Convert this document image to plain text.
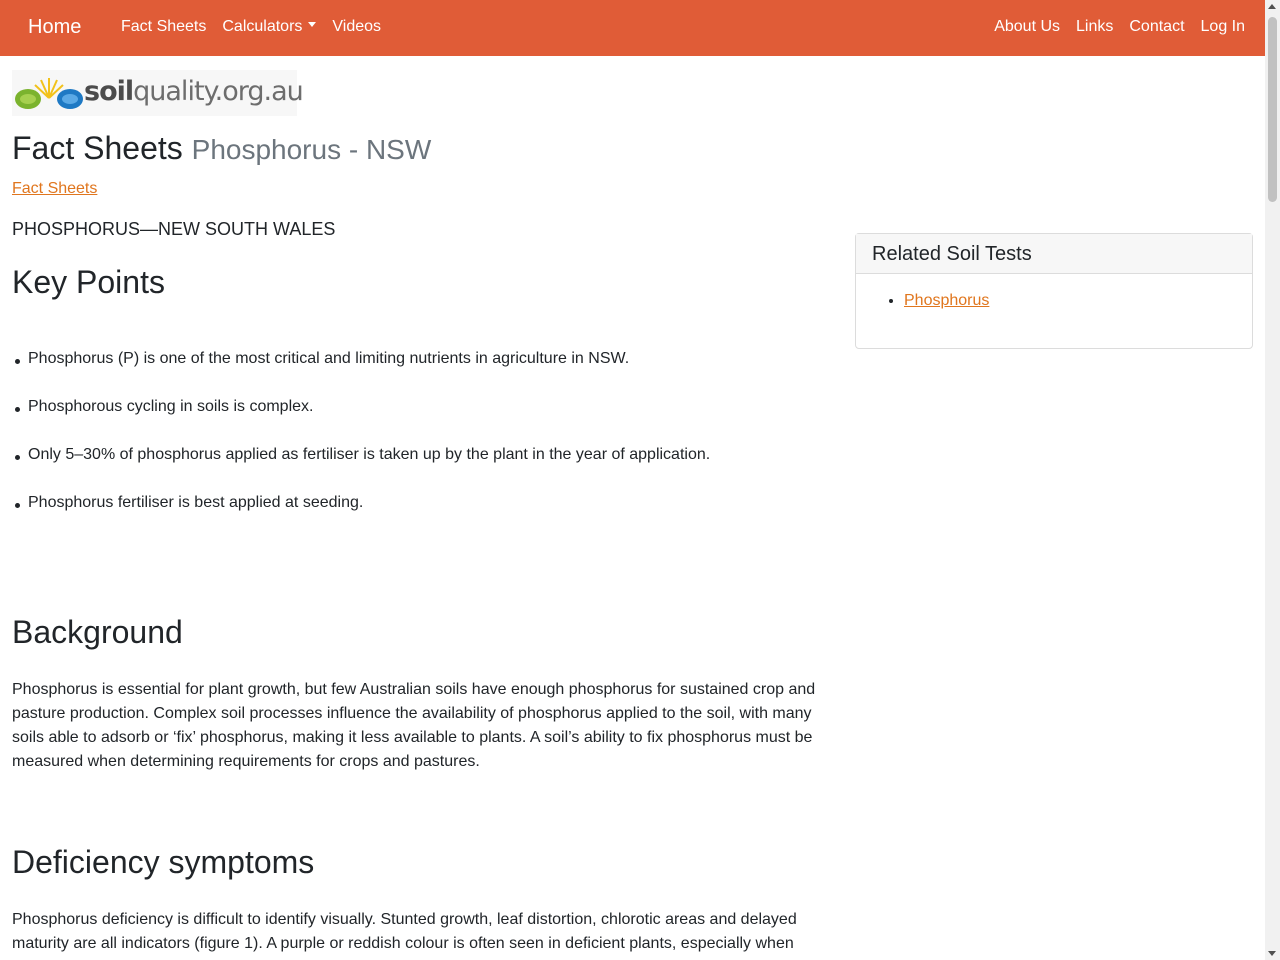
Home Fact Sheets Calculators	Videos	About Us Links Contact Log In
soilquality.org.au
Fact Sheets Phosphorus - NSW
Fact Sheets
PHOSPHORUS—NEW SOUTH WALES
Key Points
Phosphorus (P) is one of the most critical and limiting nutrients in agriculture in NSW.
Phosphorous cycling in soils is complex.
Only 5–30% of phosphorus applied as fertiliser is taken up by the plant in the year of application.
Phosphorus fertiliser is best applied at seeding.
Background

Phosphorus is essential for plant growth, but few Australian soils have enough phosphorus for sustained crop and pasture production. Complex soil processes influence the availability of phosphorus applied to the soil, with many soils able to adsorb or ‘fix’ phosphorus, making it less available to plants. A soil’s ability to fix phosphorus must be measured when determining requirements for crops and pastures.

Deficiency symptoms

Phosphorus deficiency is difficult to identify visually. Stunted growth, leaf distortion, chlorotic areas and delayed maturity are all indicators (figure 1). A purple or reddish colour is often seen in deficient plants, especially when

Related Soil Tests
• Phosphorus
